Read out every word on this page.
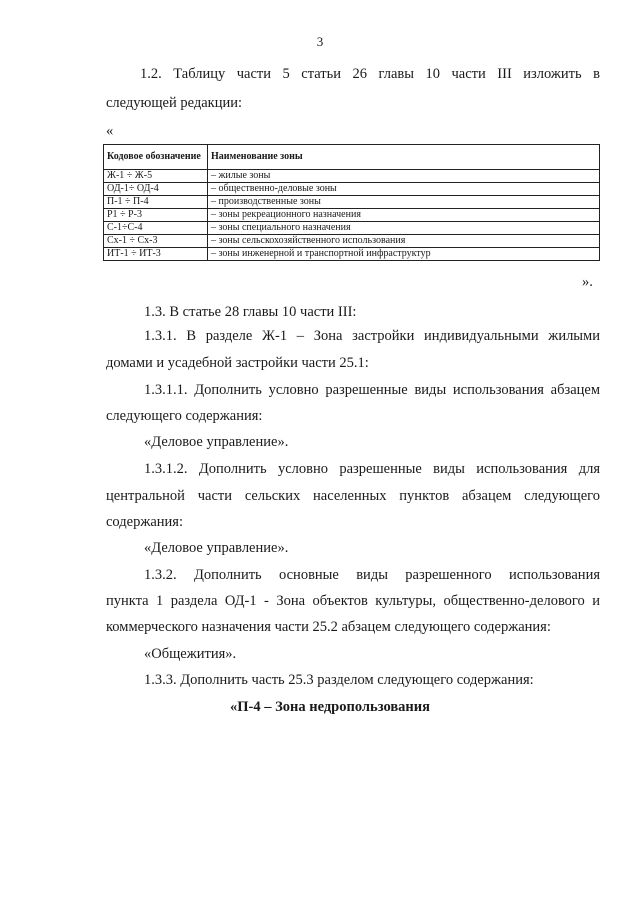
3
1.2. Таблицу части 5 статьи 26 главы 10 части III изложить в
следующей редакции:
«
Кодовое обозначение	Наименование зоны
Ж-1 ÷ Ж-5	– жилые зоны
ОД-1÷ ОД-4	– общественно-деловые зоны
П-1 ÷ П-4	– производственные зоны
Р1 ÷ Р-3	– зоны рекреационного назначения
С-1÷С-4	– зоны специального назначения
Сх-1 ÷ Сх-3	– зоны сельскохозяйственного использования
ИТ-1 ÷ ИТ-3	– зоны инженерной и транспортной инфраструктур
».
1.3. В статье 28 главы 10 части III:
1.3.1. В разделе Ж-1 – Зона застройки индивидуальными жилыми
домами и усадебной застройки части 25.1:
1.3.1.1. Дополнить условно разрешенные виды использования абзацем
следующего содержания:
«Деловое управление».
1.3.1.2. Дополнить условно разрешенные виды использования для
центральной части сельских населенных пунктов абзацем следующего
содержания:
«Деловое управление».
1.3.2. Дополнить основные виды разрешенного использования
пункта 1 раздела ОД-1 - Зона объектов культуры, общественно-делового и
коммерческого назначения части 25.2 абзацем следующего содержания:
«Общежития».
1.3.3. Дополнить часть 25.3 разделом следующего содержания:
«П-4 – Зона недропользования
